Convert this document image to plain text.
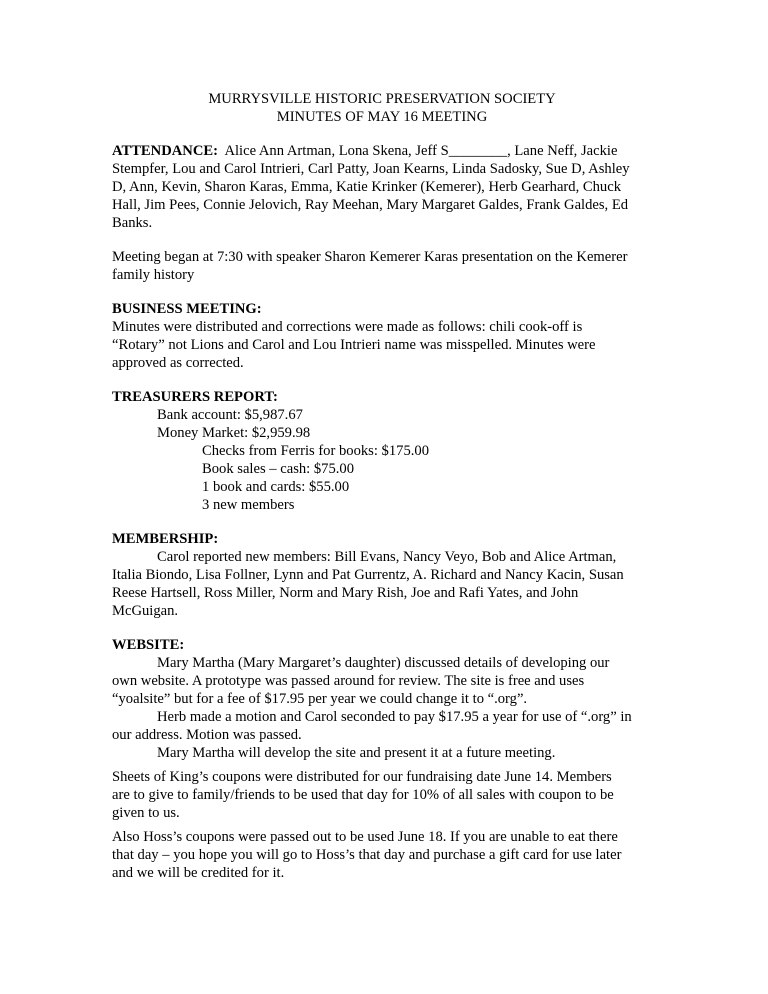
MURRYSVILLE HISTORIC PRESERVATION SOCIETY

MINUTES OF MAY 16 MEETING

ATTENDANCE:  Alice Ann Artman, Lona Skena, Jeff S________, Lane Neff, Jackie

Stempfer, Lou and Carol Intrieri, Carl Patty, Joan Kearns, Linda Sadosky, Sue D, Ashley

D, Ann, Kevin, Sharon Karas, Emma, Katie Krinker (Kemerer), Herb Gearhard, Chuck

Hall, Jim Pees, Connie Jelovich, Ray Meehan, Mary Margaret Galdes, Frank Galdes, Ed

Banks.

Meeting began at 7:30 with speaker Sharon Kemerer Karas presentation on the Kemerer

family history

BUSINESS MEETING:

Minutes were distributed and corrections were made as follows: chili cook-off is

“Rotary” not Lions and Carol and Lou Intrieri name was misspelled. Minutes were

approved as corrected.

TREASURERS REPORT:

Bank account: $5,987.67

Money Market: $2,959.98

Checks from Ferris for books: $175.00

Book sales – cash: $75.00

1 book and cards: $55.00

3 new members

MEMBERSHIP:

Carol reported new members: Bill Evans, Nancy Veyo, Bob and Alice Artman,

Italia Biondo, Lisa Follner, Lynn and Pat Gurrentz, A. Richard and Nancy Kacin, Susan

Reese Hartsell, Ross Miller, Norm and Mary Rish, Joe and Rafi Yates, and John

McGuigan.

WEBSITE:

Mary Martha (Mary Margaret’s daughter) discussed details of developing our

own website. A prototype was passed around for review. The site is free and uses

“yoalsite” but for a fee of $17.95 per year we could change it to “.org”.

Herb made a motion and Carol seconded to pay $17.95 a year for use of “.org” in

our address. Motion was passed.

Mary Martha will develop the site and present it at a future meeting.

Sheets of King’s coupons were distributed for our fundraising date June 14. Members

are to give to family/friends to be used that day for 10% of all sales with coupon to be

given to us.

Also Hoss’s coupons were passed out to be used June 18. If you are unable to eat there

that day – you hope you will go to Hoss’s that day and purchase a gift card for use later

and we will be credited for it.
